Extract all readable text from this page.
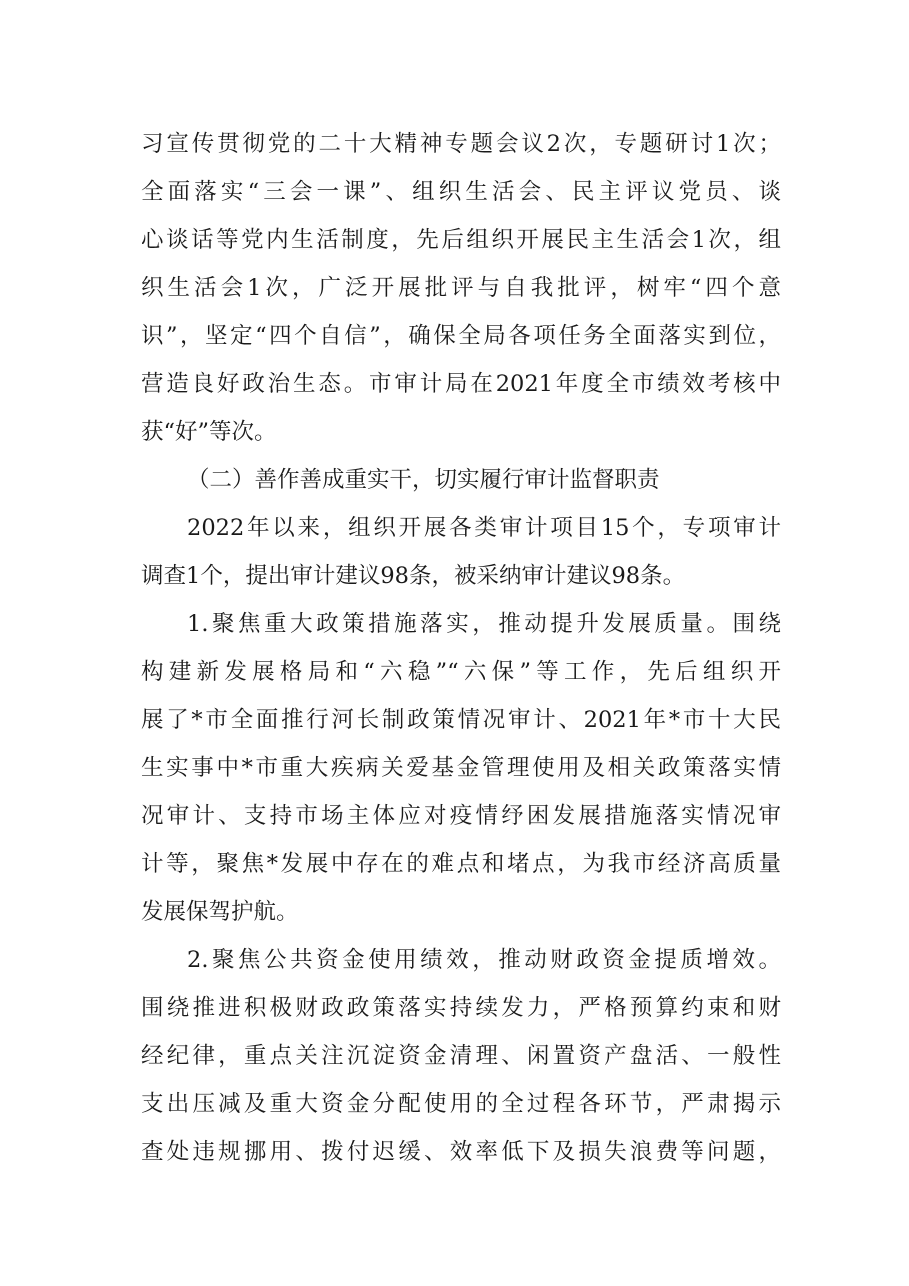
习宣传贯彻党的二十大精神专题会议2次，专题研讨1次；
全面落实“三会一课”、组织生活会、民主评议党员、谈
心谈话等党内生活制度，先后组织开展民主生活会1次，组
织生活会1次，广泛开展批评与自我批评，树牢“四个意
识”，坚定“四个自信”，确保全局各项任务全面落实到位，
营造良好政治生态。市审计局在2021年度全市绩效考核中
获“好”等次。
（二）善作善成重实干，切实履行审计监督职责
2022年以来，组织开展各类审计项目15个，专项审计
调查1个，提出审计建议98条，被采纳审计建议98条。
1.聚焦重大政策措施落实，推动提升发展质量。围绕
构建新发展格局和“六稳”“六保”等工作，先后组织开
展了*市全面推行河长制政策情况审计、2021年*市十大民
生实事中*市重大疾病关爱基金管理使用及相关政策落实情
况审计、支持市场主体应对疫情纾困发展措施落实情况审
计等，聚焦*发展中存在的难点和堵点，为我市经济高质量
发展保驾护航。
2.聚焦公共资金使用绩效，推动财政资金提质增效。
围绕推进积极财政政策落实持续发力，严格预算约束和财
经纪律，重点关注沉淀资金清理、闲置资产盘活、一般性
支出压减及重大资金分配使用的全过程各环节，严肃揭示
查处违规挪用、拨付迟缓、效率低下及损失浪费等问题，
